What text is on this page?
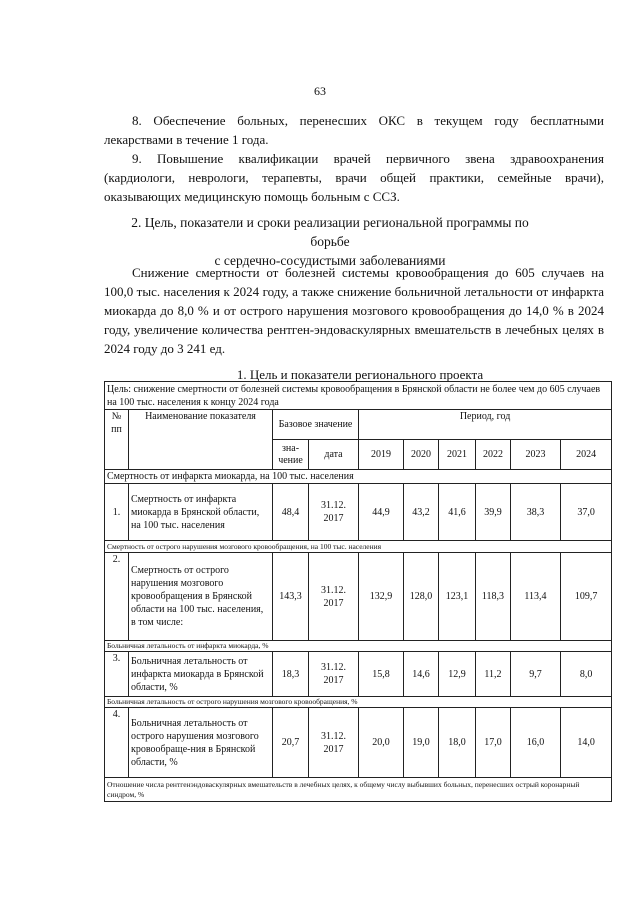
63
8. Обеспечение больных, перенесших ОКС в текущем году бесплатными лекарствами в течение 1 года.
9. Повышение квалификации врачей первичного звена здравоохранения (кардиологи, неврологи, терапевты, врачи общей практики, семейные врачи), оказывающих медицинскую помощь больным с ССЗ.
2. Цель, показатели и сроки реализации региональной программы по борьбе
с сердечно-сосудистыми заболеваниями
Снижение смертности от болезней системы кровообращения до 605 случаев на 100,0 тыс. населения к 2024 году, а также снижение больничной летальности от инфаркта миокарда до 8,0 % и от острого нарушения мозгового кровообращения до 14,0 % в 2024 году, увеличение количества рентген-эндоваскулярных вмешательств в лечебных целях в 2024 году до 3 241 ед.
1. Цель и показатели регионального проекта
Цель: снижение смертности от болезней системы кровообращения в Брянской области не более чем до 605 случаев на 100 тыс. населения к концу 2024 года									
№ пп	Наименование показателя	Базовое значение		Период, год					
		зна-чение	дата	2019	2020	2021	2022	2023	2024
Смертность от инфаркта миокарда, на 100 тыс. населения									
1.	Смертность от инфаркта миокарда в Брянской области, на 100 тыс. населения	48,4	31.12. 2017	44,9	43,2	41,6	39,9	38,3	37,0
Смертность от острого нарушения мозгового кровообращения, на 100 тыс. населения									
2.	Смертность от острого нарушения мозгового кровообращения в Брянской области на 100 тыс. населения, в том числе:	143,3	31.12. 2017	132,9	128,0	123,1	118,3	113,4	109,7
Больничная летальность от инфаркта миокарда, %									
3.	Больничная летальность от инфаркта миокарда в Брянской области, %	18,3	31.12. 2017	15,8	14,6	12,9	11,2	9,7	8,0
Больничная летальность от острого нарушения мозгового кровообращения, %									
4.	Больничная летальность от острого нарушения мозгового кровообраще-ния в Брянской области, %	20,7	31.12. 2017	20,0	19,0	18,0	17,0	16,0	14,0
Отношение числа рентгенэндоваскулярных вмешательств в лечебных целях, к общему числу выбывших больных, перенесших острый коронарный синдром, %									
